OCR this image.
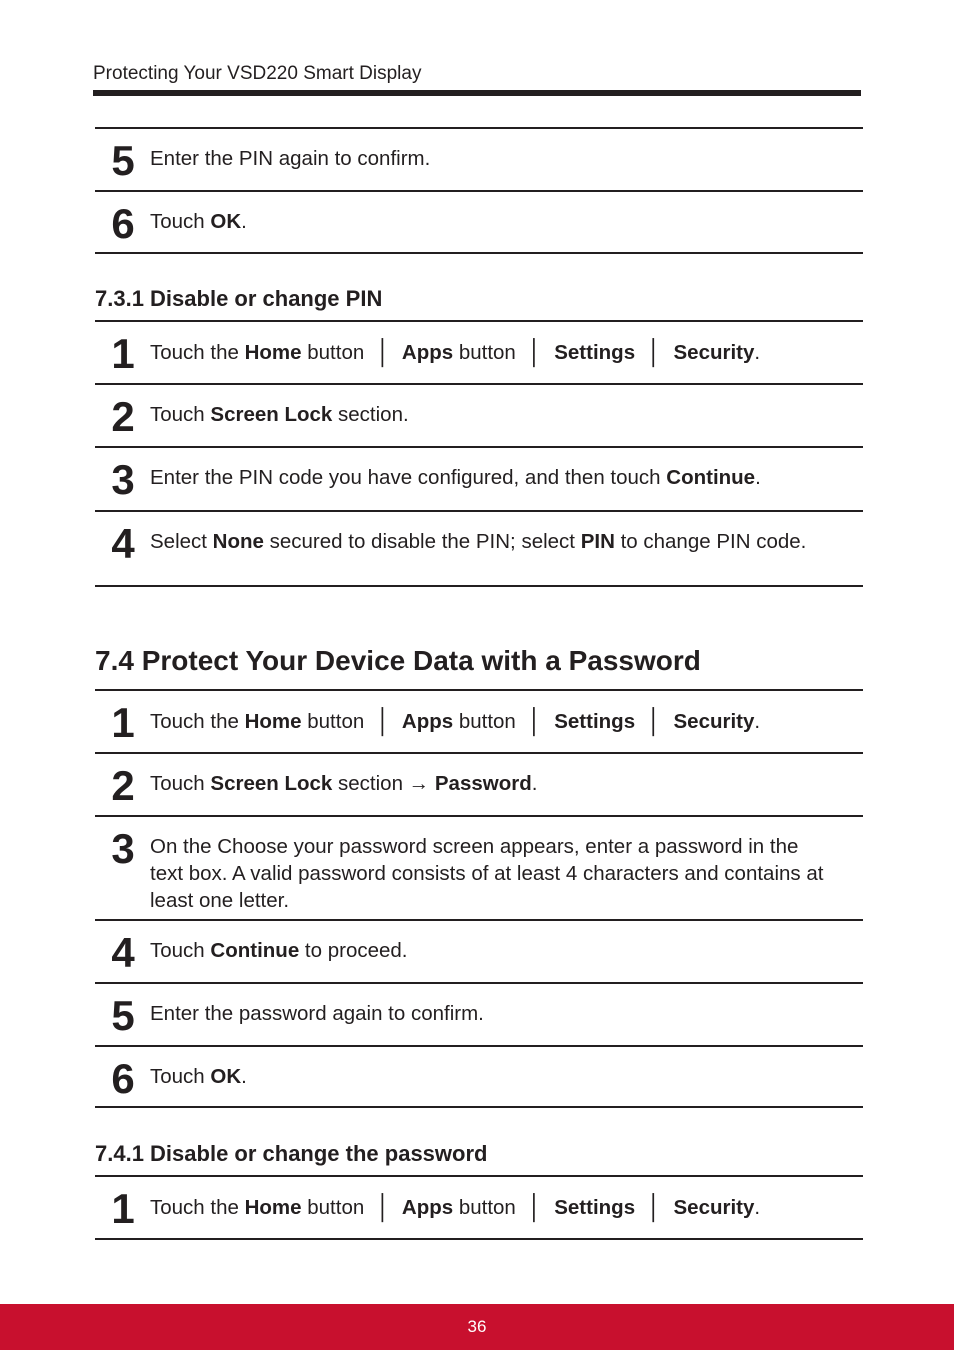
Protecting Your VSD220 Smart Display
5 Enter the PIN again to confirm.
6 Touch OK.
7.3.1 Disable or change PIN
1 Touch the Home button │ Apps button │ Settings │ Security.
2 Touch Screen Lock section.
3 Enter the PIN code you have configured, and then touch Continue.
4 Select None secured to disable the PIN; select PIN to change PIN code.
7.4 Protect Your Device Data with a Password
1 Touch the Home button │ Apps button │ Settings │ Security.
2 Touch Screen Lock section → Password.
3 On the Choose your password screen appears, enter a password in the text box. A valid password consists of at least 4 characters and contains at least one letter.
4 Touch Continue to proceed.
5 Enter the password again to confirm.
6 Touch OK.
7.4.1 Disable or change the password
1 Touch the Home button │ Apps button │ Settings │ Security.
36
